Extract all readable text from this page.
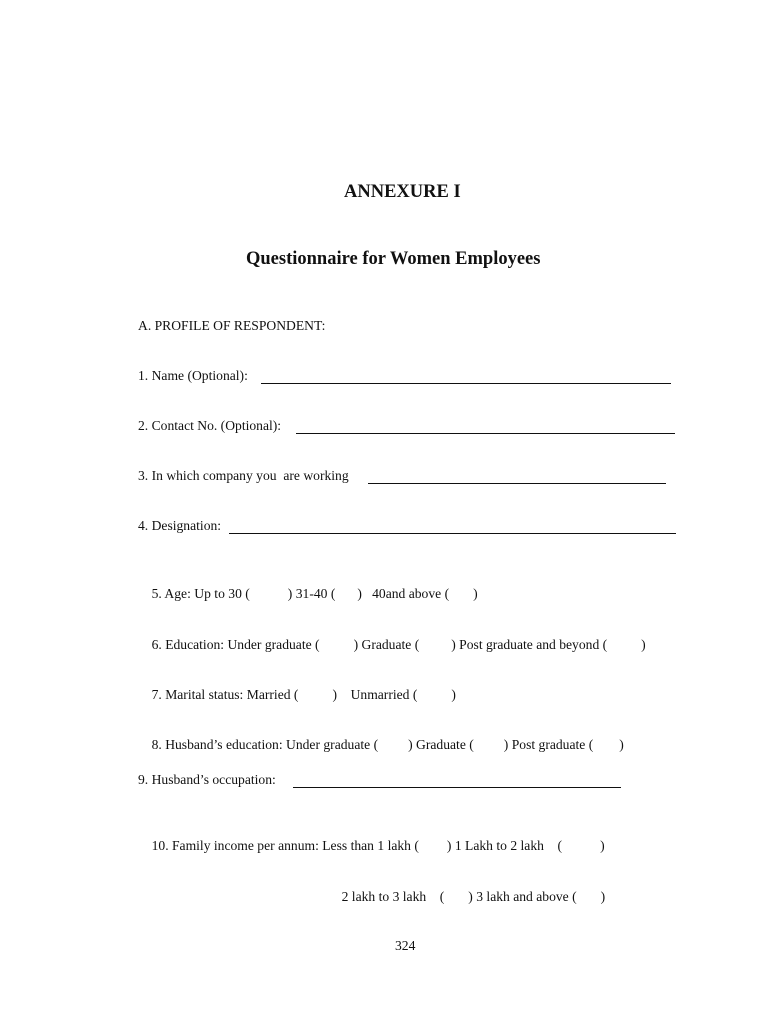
ANNEXURE I
Questionnaire for Women Employees
A. PROFILE OF RESPONDENT:
1. Name (Optional):
2. Contact No. (Optional):
3. In which company you  are working
4. Designation:

5. Age: Up to 30 (	) 31-40 ( )   40and above ( )

6. Education: Under graduate (	) Graduate ( ) Post graduate and beyond (	)

7. Marital status: Married (	)    Unmarried (	)

8. Husband’s education: Under graduate ( ) Graduate ( ) Post graduate ( )

9. Husband’s occupation:

10. Family income per annum: Less than 1 lakh ( ) 1 Lakh to 2 lakh    (	)

2 lakh to 3 lakh    ( ) 3 lakh and above ( )

324
